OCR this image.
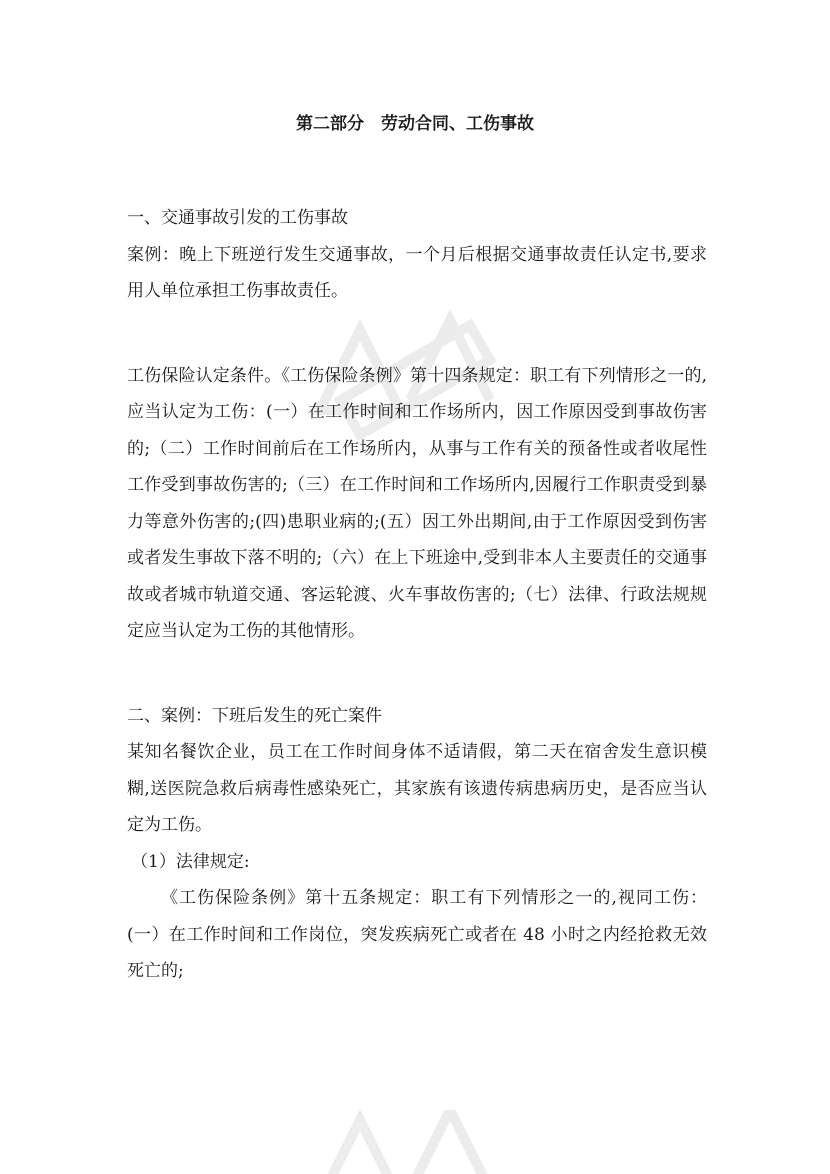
第二部分　劳动合同、工伤事故

一、交通事故引发的工伤事故

案例：晚上下班逆行发生交通事故，一个月后根据交通事故责任认定书,要求用人单位承担工伤事故责任。

工伤保险认定条件。《工伤保险条例》第十四条规定：职工有下列情形之一的,应当认定为工伤：(一）在工作时间和工作场所内，因工作原因受到事故伤害的;（二）工作时间前后在工作场所内，从事与工作有关的预备性或者收尾性工作受到事故伤害的;（三）在工作时间和工作场所内,因履行工作职责受到暴力等意外伤害的;(四)患职业病的;(五）因工外出期间,由于工作原因受到伤害或者发生事故下落不明的;（六）在上下班途中,受到非本人主要责任的交通事故或者城市轨道交通、客运轮渡、火车事故伤害的;（七）法律、行政法规规定应当认定为工伤的其他情形。

二、案例：下班后发生的死亡案件

某知名餐饮企业，员工在工作时间身体不适请假，第二天在宿舍发生意识模糊,送医院急救后病毒性感染死亡，其家族有该遗传病患病历史，是否应当认定为工伤。

（1）法律规定:

《工伤保险条例》第十五条规定：职工有下列情形之一的,视同工伤：(一）在工作时间和工作岗位，突发疾病死亡或者在 48 小时之内经抢救无效死亡的;
